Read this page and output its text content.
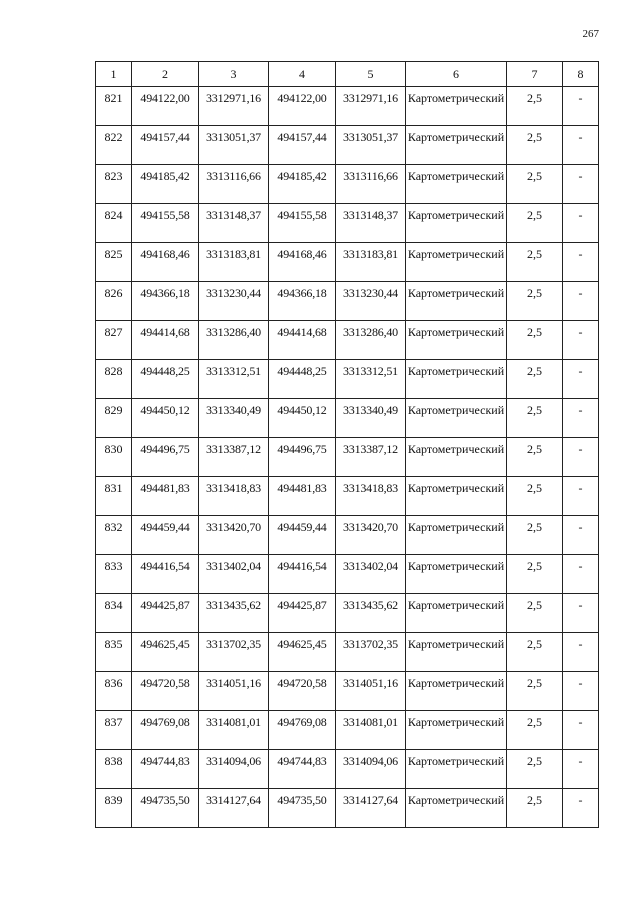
267
1	2	3	4	5	6	7	8
821	494122,00	3312971,16	494122,00	3312971,16	Картометрический	2,5	-
822	494157,44	3313051,37	494157,44	3313051,37	Картометрический	2,5	-
823	494185,42	3313116,66	494185,42	3313116,66	Картометрический	2,5	-
824	494155,58	3313148,37	494155,58	3313148,37	Картометрический	2,5	-
825	494168,46	3313183,81	494168,46	3313183,81	Картометрический	2,5	-
826	494366,18	3313230,44	494366,18	3313230,44	Картометрический	2,5	-
827	494414,68	3313286,40	494414,68	3313286,40	Картометрический	2,5	-
828	494448,25	3313312,51	494448,25	3313312,51	Картометрический	2,5	-
829	494450,12	3313340,49	494450,12	3313340,49	Картометрический	2,5	-
830	494496,75	3313387,12	494496,75	3313387,12	Картометрический	2,5	-
831	494481,83	3313418,83	494481,83	3313418,83	Картометрический	2,5	-
832	494459,44	3313420,70	494459,44	3313420,70	Картометрический	2,5	-
833	494416,54	3313402,04	494416,54	3313402,04	Картометрический	2,5	-
834	494425,87	3313435,62	494425,87	3313435,62	Картометрический	2,5	-
835	494625,45	3313702,35	494625,45	3313702,35	Картометрический	2,5	-
836	494720,58	3314051,16	494720,58	3314051,16	Картометрический	2,5	-
837	494769,08	3314081,01	494769,08	3314081,01	Картометрический	2,5	-
838	494744,83	3314094,06	494744,83	3314094,06	Картометрический	2,5	-
839	494735,50	3314127,64	494735,50	3314127,64	Картометрический	2,5	-
